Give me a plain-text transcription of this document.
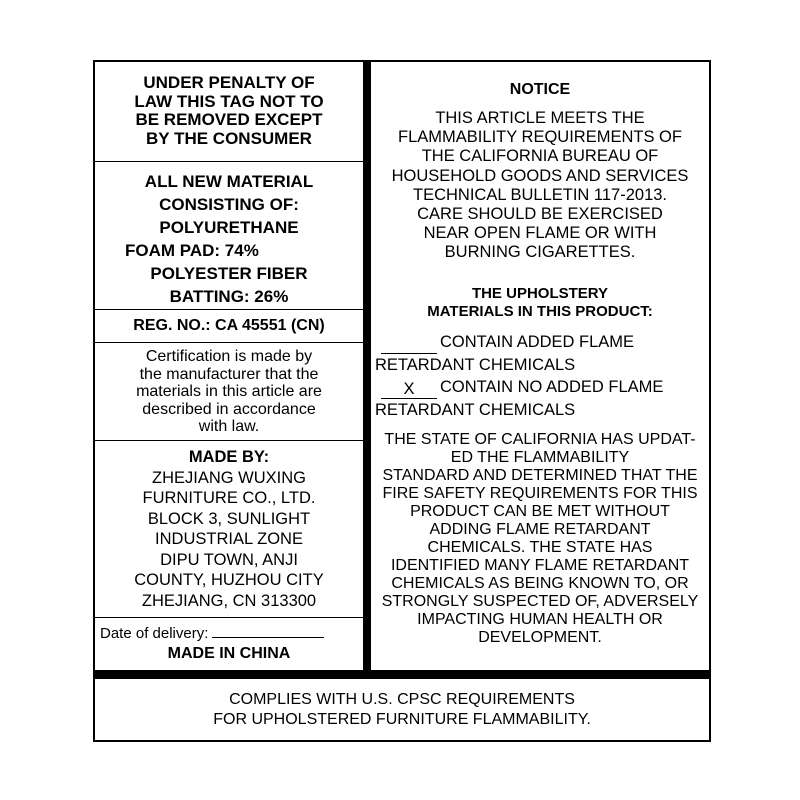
UNDER PENALTY OF
LAW THIS TAG NOT TO
BE REMOVED EXCEPT
BY THE CONSUMER
ALL NEW MATERIAL
CONSISTING OF:
POLYURETHANE
FOAM PAD: 74%
POLYESTER FIBER
BATTING: 26%
REG. NO.: CA 45551 (CN)
Certification is made by
the manufacturer that the
materials in this article are
described in accordance
with law.
MADE BY:
ZHEJIANG WUXING
FURNITURE CO., LTD.
BLOCK 3, SUNLIGHT
INDUSTRIAL ZONE
DIPU TOWN, ANJI
COUNTY, HUZHOU CITY
ZHEJIANG, CN 313300
Date of delivery:
MADE IN CHINA
NOTICE
THIS ARTICLE MEETS THE
FLAMMABILITY REQUIREMENTS OF
THE CALIFORNIA BUREAU OF
HOUSEHOLD GOODS AND SERVICES
TECHNICAL BULLETIN 117-2013.
CARE SHOULD BE EXERCISED
NEAR OPEN FLAME OR WITH
BURNING CIGARETTES.
THE UPHOLSTERY
MATERIALS IN THIS PRODUCT:
CONTAIN ADDED FLAME
RETARDANT CHEMICALS
X CONTAIN NO ADDED FLAME
RETARDANT CHEMICALS
THE STATE OF CALIFORNIA HAS UPDAT-
ED THE FLAMMABILITY
STANDARD AND DETERMINED THAT THE
FIRE SAFETY REQUIREMENTS FOR THIS
PRODUCT CAN BE MET WITHOUT
ADDING FLAME RETARDANT
CHEMICALS. THE STATE HAS
IDENTIFIED MANY FLAME RETARDANT
CHEMICALS AS BEING KNOWN TO, OR
STRONGLY SUSPECTED OF, ADVERSELY
IMPACTING HUMAN HEALTH OR
DEVELOPMENT.
COMPLIES WITH U.S. CPSC REQUIREMENTS
FOR UPHOLSTERED FURNITURE FLAMMABILITY.
